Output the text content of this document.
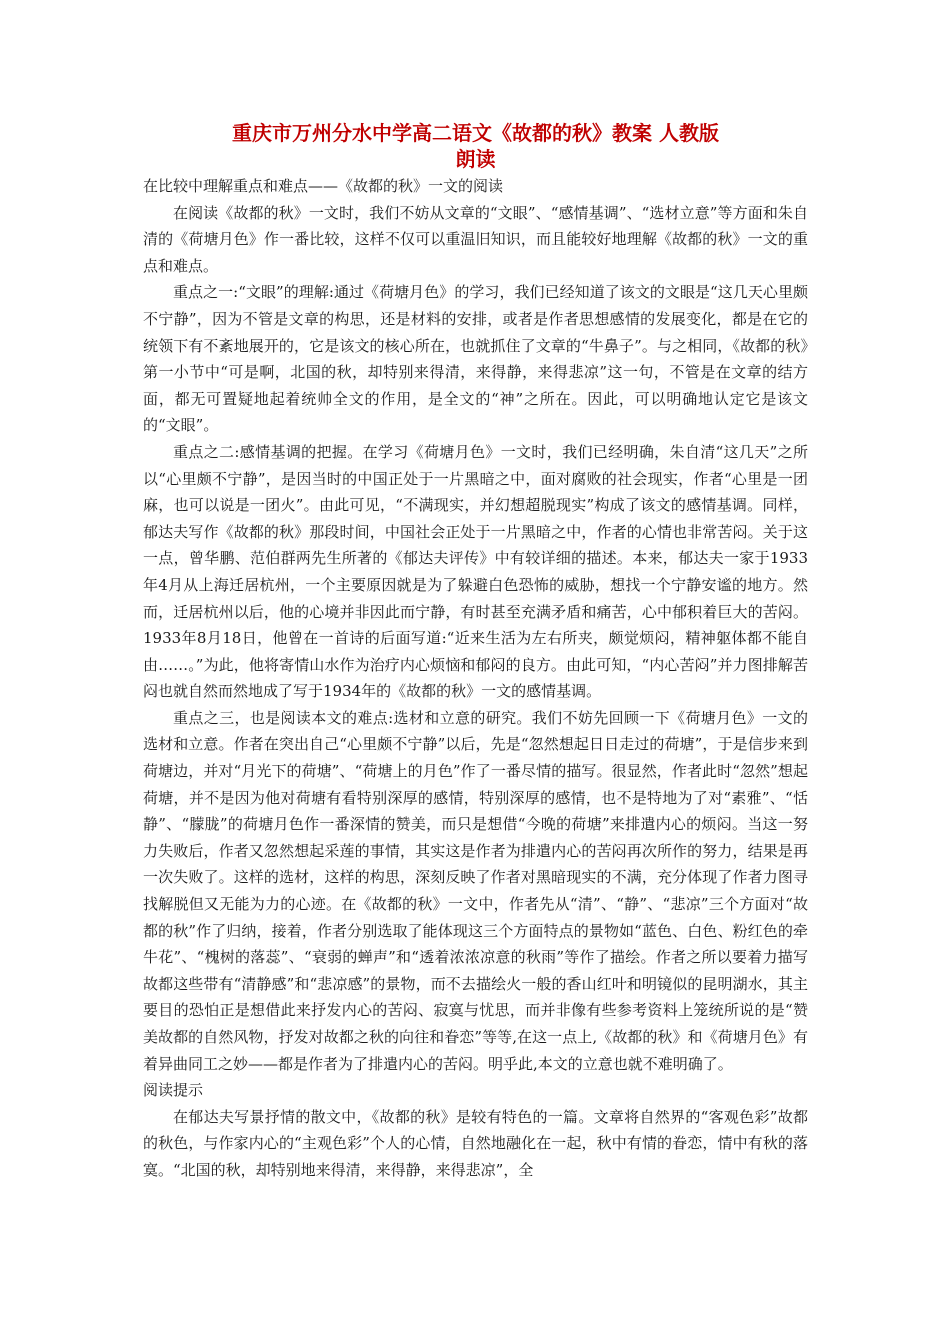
重庆市万州分水中学高二语文《故都的秋》教案 人教版
朗读

在比较中理解重点和难点——《故都的秋》一文的阅读

在阅读《故都的秋》一文时，我们不妨从文章的“文眼”、“感情基调”、“选材立意”等方面和朱自清的《荷塘月色》作一番比较，这样不仅可以重温旧知识，而且能较好地理解《故都的秋》一文的重点和难点。

重点之一:“文眼”的理解:通过《荷塘月色》的学习，我们已经知道了该文的文眼是“这几天心里颇不宁静”，因为不管是文章的构思，还是材料的安排，或者是作者思想感情的发展变化，都是在它的统领下有不紊地展开的，它是该文的核心所在，也就抓住了文章的“牛鼻子”。与之相同，《故都的秋》第一小节中“可是啊，北国的秋，却特别来得清，来得静，来得悲凉”这一句，不管是在文章的结方面，都无可置疑地起着统帅全文的作用，是全文的“神”之所在。因此，可以明确地认定它是该文的“文眼”。

重点之二:感情基调的把握。在学习《荷塘月色》一文时，我们已经明确，朱自清“这几天”之所以“心里颇不宁静”，是因当时的中国正处于一片黑暗之中，面对腐败的社会现实，作者“心里是一团麻，也可以说是一团火”。由此可见，“不满现实，并幻想超脱现实”构成了该文的感情基调。同样，郁达夫写作《故都的秋》那段时间，中国社会正处于一片黑暗之中，作者的心情也非常苦闷。关于这一点，曾华鹏、范伯群两先生所著的《郁达夫评传》中有较详细的描述。本来，郁达夫一家于1933年4月从上海迁居杭州，一个主要原因就是为了躲避白色恐怖的威胁，想找一个宁静安谧的地方。然而，迁居杭州以后，他的心境并非因此而宁静，有时甚至充满矛盾和痛苦，心中郁积着巨大的苦闷。1933年8月18日，他曾在一首诗的后面写道:“近来生活为左右所夹，颇觉烦闷，精神躯体都不能自由……。”为此，他将寄情山水作为治疗内心烦恼和郁闷的良方。由此可知，“内心苦闷”并力图排解苦闷也就自然而然地成了写于1934年的《故都的秋》一文的感情基调。

重点之三，也是阅读本文的难点:选材和立意的研究。我们不妨先回顾一下《荷塘月色》一文的选材和立意。作者在突出自己“心里颇不宁静”以后，先是“忽然想起日日走过的荷塘”，于是信步来到荷塘边，并对“月光下的荷塘”、“荷塘上的月色”作了一番尽情的描写。很显然，作者此时“忽然”想起荷塘，并不是因为他对荷塘有看特别深厚的感情，特别深厚的感情，也不是特地为了对“素雅”、“恬静”、“朦胧”的荷塘月色作一番深情的赞美，而只是想借“今晚的荷塘”来排遣内心的烦闷。当这一努力失败后，作者又忽然想起采莲的事情，其实这是作者为排遣内心的苦闷再次所作的努力，结果是再一次失败了。这样的选材，这样的构思，深刻反映了作者对黑暗现实的不满，充分体现了作者力图寻找解脱但又无能为力的心迹。在《故都的秋》一文中，作者先从“清”、“静”、“悲凉”三个方面对“故都的秋”作了归纳，接着，作者分别选取了能体现这三个方面特点的景物如“蓝色、白色、粉红色的牵牛花”、“槐树的落蕊”、“衰弱的蝉声”和“透着浓浓凉意的秋雨”等作了描绘。作者之所以要着力描写故都这些带有“清静感”和“悲凉感”的景物，而不去描绘火一般的香山红叶和明镜似的昆明湖水，其主要目的恐怕正是想借此来抒发内心的苦闷、寂寞与忧思，而并非像有些参考资料上笼统所说的是“赞美故都的自然风物，抒发对故都之秋的向往和眷恋”等等,在这一点上,《故都的秋》和《荷塘月色》有着异曲同工之妙——都是作者为了排遣内心的苦闷。明乎此,本文的立意也就不难明确了。

阅读提示

在郁达夫写景抒情的散文中，《故都的秋》是较有特色的一篇。文章将自然界的“客观色彩”故都的秋色，与作家内心的“主观色彩”个人的心情，自然地融化在一起，秋中有情的眷恋，情中有秋的落寞。“北国的秋，却特别地来得清，来得静，来得悲凉”，全
